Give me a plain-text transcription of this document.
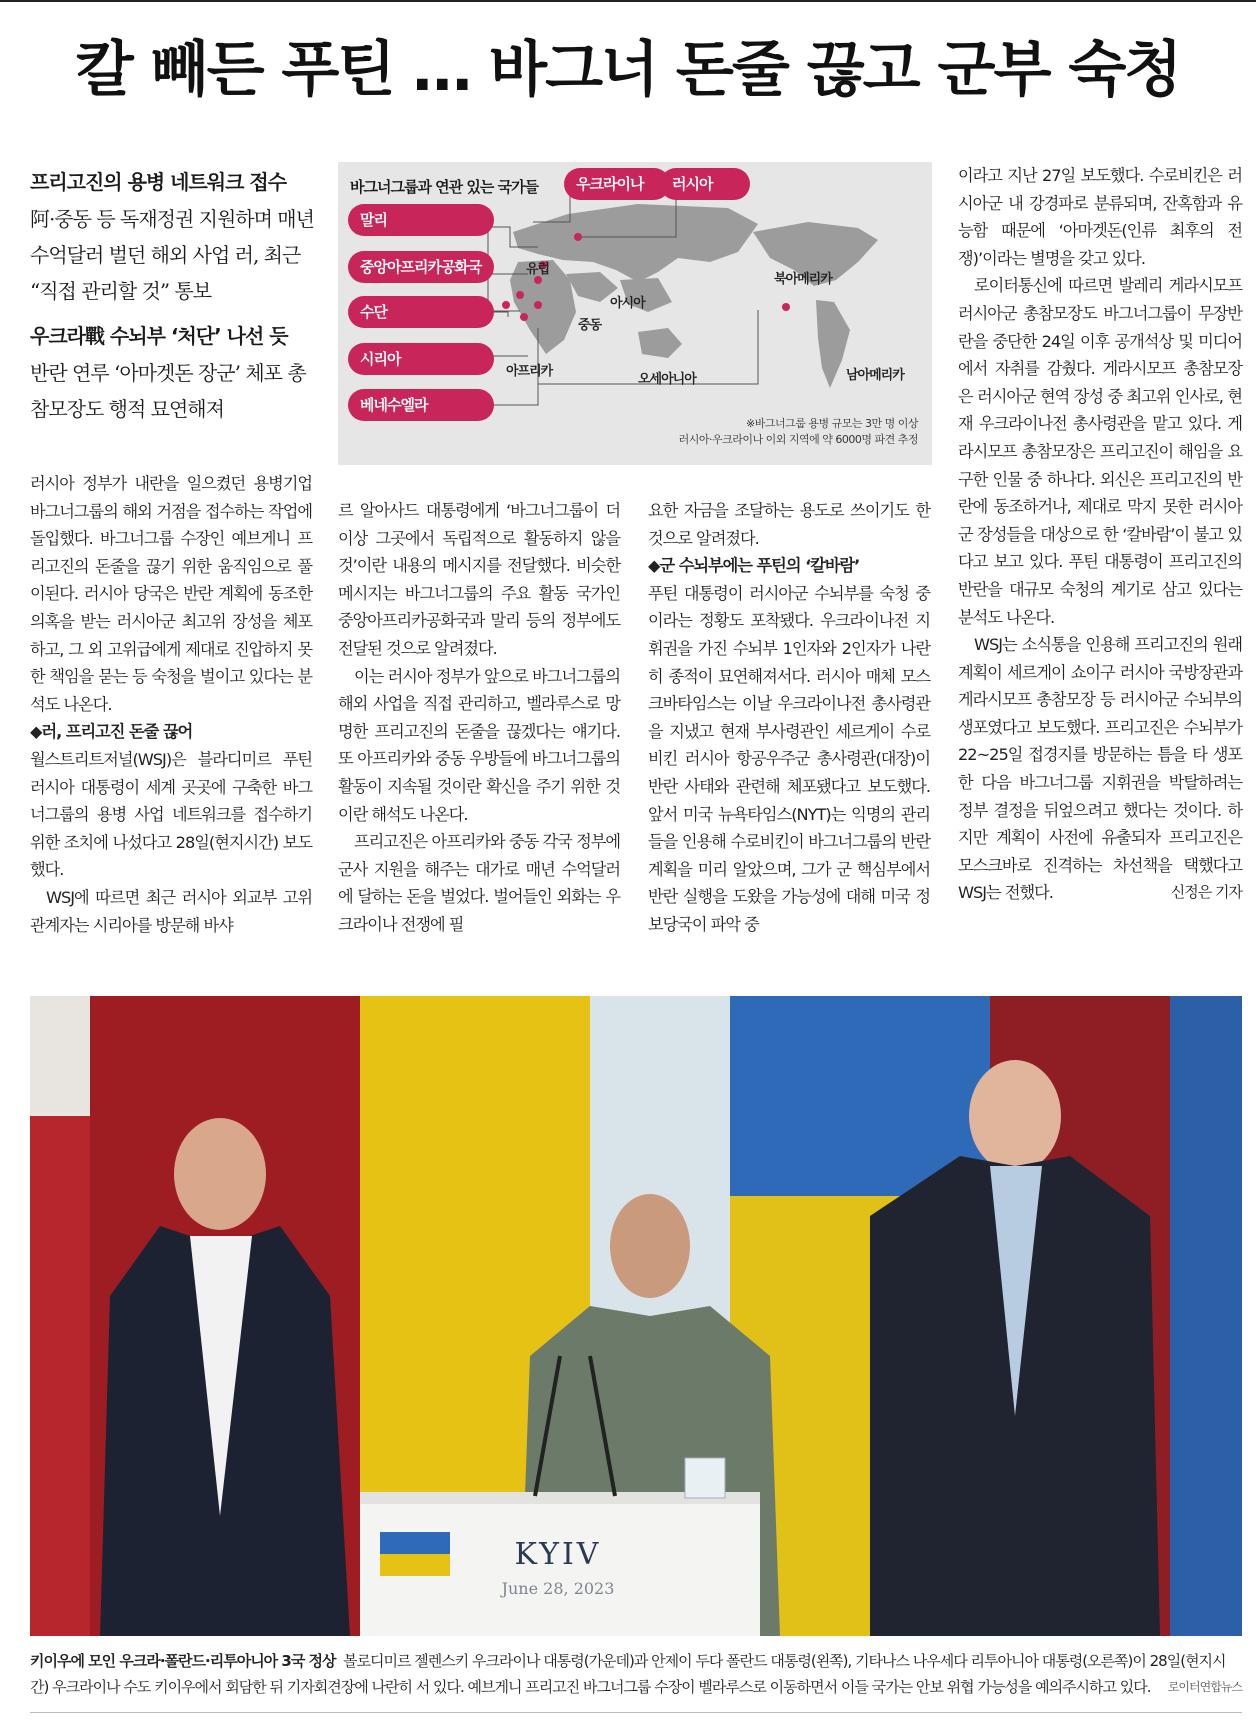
칼 빼든 푸틴 … 바그너 돈줄 끊고 군부 숙청
프리고진의 용병 네트워크 접수

阿·중동 등 독재정권 지원하며 매년 수억달러 벌던 해외 사업 러, 최근 “직접 관리할 것” 통보

우크라戰 수뇌부 ‘처단’ 나선 듯

반란 연루 ‘아마겟돈 장군’ 체포 총참모장도 행적 묘연해져

바그너그룹과 연관 있는 국가들	우크라이나	러시아
말리
중앙아프리카공화국
수단
시리아
베네수엘라
유럽
아시아
중동
아프리카
오세아니아
북아메리카
남아메리카
※바그너그룹 용병 규모는 3만 명 이상
러시아·우크라이나 이외 지역에 약 6000명 파견 추정

러시아 정부가 내란을 일으켰던 용병기업 바그너그룹의 해외 거점을 접수하는 작업에 돌입했다. 바그너그룹 수장인 예브게니 프리고진의 돈줄을 끊기 위한 움직임으로 풀이된다. 러시아 당국은 반란 계획에 동조한 의혹을 받는 러시아군 최고위 장성을 체포하고, 그 외 고위급에게 제대로 진압하지 못한 책임을 묻는 등 숙청을 벌이고 있다는 분석도 나온다.

◆러, 프리고진 돈줄 끊어

월스트리트저널(WSJ)은 블라디미르 푸틴 러시아 대통령이 세계 곳곳에 구축한 바그너그룹의 용병 사업 네트워크를 접수하기 위한 조치에 나섰다고 28일(현지시간) 보도했다.

WSJ에 따르면 최근 러시아 외교부 고위관계자는 시리아를 방문해 바샤

르 알아사드 대통령에게 ‘바그너그룹이 더 이상 그곳에서 독립적으로 활동하지 않을 것’이란 내용의 메시지를 전달했다. 비슷한 메시지는 바그너그룹의 주요 활동 국가인 중앙아프리카공화국과 말리 등의 정부에도 전달된 것으로 알려졌다.

이는 러시아 정부가 앞으로 바그너그룹의 해외 사업을 직접 관리하고, 벨라루스로 망명한 프리고진의 돈줄을 끊겠다는 얘기다. 또 아프리카와 중동 우방들에 바그너그룹의 활동이 지속될 것이란 확신을 주기 위한 것이란 해석도 나온다.

프리고진은 아프리카와 중동 각국 정부에 군사 지원을 해주는 대가로 매년 수억달러에 달하는 돈을 벌었다. 벌어들인 외화는 우크라이나 전쟁에 필

요한 자금을 조달하는 용도로 쓰이기도 한 것으로 알려졌다.

◆군 수뇌부에는 푸틴의 ‘칼바람’

푸틴 대통령이 러시아군 수뇌부를 숙청 중이라는 정황도 포착됐다. 우크라이나전 지휘권을 가진 수뇌부 1인자와 2인자가 나란히 종적이 묘연해져서다. 러시아 매체 모스크바타임스는 이날 우크라이나전 총사령관을 지냈고 현재 부사령관인 세르게이 수로비킨 러시아 항공우주군 총사령관(대장)이 반란 사태와 관련해 체포됐다고 보도했다. 앞서 미국 뉴욕타임스(NYT)는 익명의 관리들을 인용해 수로비킨이 바그너그룹의 반란 계획을 미리 알았으며, 그가 군 핵심부에서 반란 실행을 도왔을 가능성에 대해 미국 정보당국이 파악 중

이라고 지난 27일 보도했다. 수로비킨은 러시아군 내 강경파로 분류되며, 잔혹함과 유능함 때문에 ‘아마겟돈(인류 최후의 전쟁)’이라는 별명을 갖고 있다.

로이터통신에 따르면 발레리 게라시모프 러시아군 총참모장도 바그너그룹이 무장반란을 중단한 24일 이후 공개석상 및 미디어에서 자취를 감췄다. 게라시모프 총참모장은 러시아군 현역 장성 중 최고위 인사로, 현재 우크라이나전 총사령관을 맡고 있다. 게라시모프 총참모장은 프리고진이 해임을 요구한 인물 중 하나다. 외신은 프리고진의 반란에 동조하거나, 제대로 막지 못한 러시아군 장성들을 대상으로 한 ‘칼바람’이 불고 있다고 보고 있다. 푸틴 대통령이 프리고진의 반란을 대규모 숙청의 계기로 삼고 있다는 분석도 나온다.

WSJ는 소식통을 인용해 프리고진의 원래 계획이 세르게이 쇼이구 러시아 국방장관과 게라시모프 총참모장 등 러시아군 수뇌부의 생포였다고 보도했다. 프리고진은 수뇌부가 22~25일 접경지를 방문하는 틈을 타 생포한 다음 바그너그룹 지휘권을 박탈하려는 정부 결정을 뒤엎으려고 했다는 것이다. 하지만 계획이 사전에 유출되자 프리고진은 모스크바로 진격하는 차선책을 택했다고 WSJ는 전했다.	신정은 기자

KYIV
June 28, 2023
키이우에 모인 우크라·폴란드·리투아니아 3국 정상 볼로디미르 젤렌스키 우크라이나 대통령(가운데)과 안제이 두다 폴란드 대통령(왼쪽), 기타나스 나우세다 리투아니아 대통령(오른쪽)이 28일(현지시간) 우크라이나 수도 키이우에서 회담한 뒤 기자회견장에 나란히 서 있다. 예브게니 프리고진 바그너그룹 수장이 벨라루스로 이동하면서 이들 국가는 안보 위협 가능성을 예의주시하고 있다. 로이터연합뉴스
